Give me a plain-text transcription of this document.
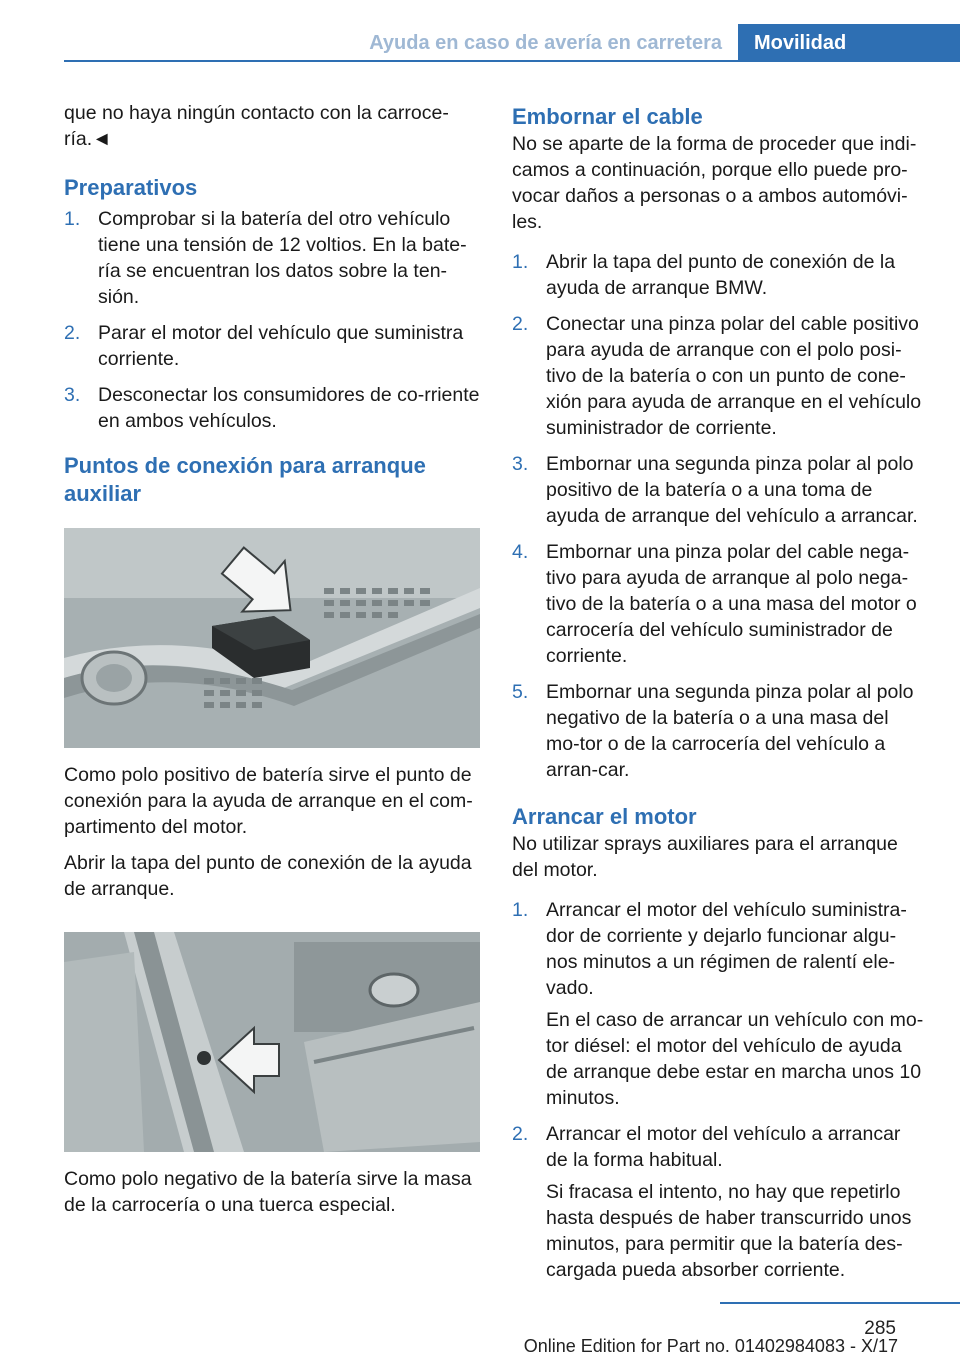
Ayuda en caso de avería en carretera	Movilidad

que no haya ningún contacto con la carroce-ría.◄

Preparativos
1. Comprobar si la batería del otro vehículo tiene una tensión de 12 voltios. En la bate-ría se encuentran los datos sobre la ten-sión.

2. Parar el motor del vehículo que suministra corriente.

3. Desconectar los consumidores de co-rriente en ambos vehículos.

Puntos de conexión para arranque auxiliar

Como polo positivo de batería sirve el punto de conexión para la ayuda de arranque en el com-partimento del motor.

Abrir la tapa del punto de conexión de la ayuda de arranque.

Como polo negativo de la batería sirve la masa de la carrocería o una tuerca especial.

Embornar el cable

No se aparte de la forma de proceder que indi-camos a continuación, porque ello puede pro-vocar daños a personas o a ambos automóvi-les.

1. Abrir la tapa del punto de conexión de la ayuda de arranque BMW.

2. Conectar una pinza polar del cable positivo para ayuda de arranque con el polo posi-tivo de la batería o con un punto de cone-xión para ayuda de arranque en el vehículo suministrador de corriente.

3. Embornar una segunda pinza polar al polo positivo de la batería o a una toma de ayuda de arranque del vehículo a arrancar.

4. Embornar una pinza polar del cable nega-tivo para ayuda de arranque al polo nega-tivo de la batería o a una masa del motor o carrocería del vehículo suministrador de corriente.

5. Embornar una segunda pinza polar al polo negativo de la batería o a una masa del mo-tor o de la carrocería del vehículo a arran-car.

Arrancar el motor

No utilizar sprays auxiliares para el arranque del motor.

1. Arrancar el motor del vehículo suministra-dor de corriente y dejarlo funcionar algu-nos minutos a un régimen de ralentí ele-vado.

En el caso de arrancar un vehículo con mo-tor diésel: el motor del vehículo de ayuda de arranque debe estar en marcha unos 10 minutos.

2. Arrancar el motor del vehículo a arrancar de la forma habitual.

Si fracasa el intento, no hay que repetirlo hasta después de haber transcurrido unos minutos, para permitir que la batería des-cargada pueda absorber corriente.

285
Online Edition for Part no. 01402984083 - X/17
